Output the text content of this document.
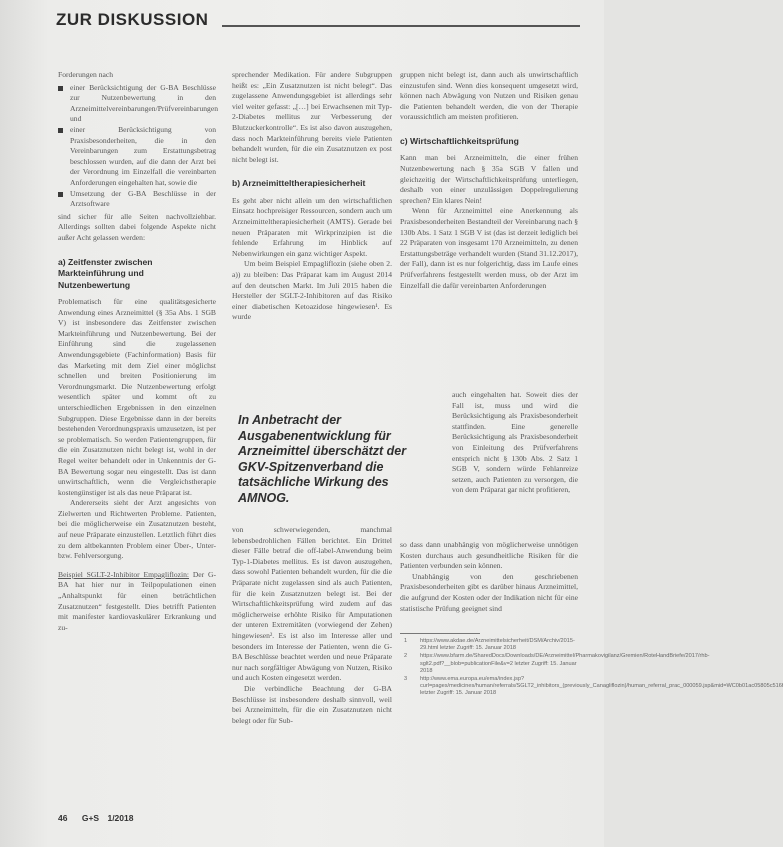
ZUR DISKUSSION

Forderungen nach

einer Berücksichtigung der G-BA Beschlüsse zur Nutzenbewertung in den Arzneimittelvereinbarungen/Prüfvereinbarungen und
einer Berücksichtigung von Praxisbesonderheiten, die in den Vereinbarungen zum Erstattungsbetrag beschlossen wurden, auf die dann der Arzt bei der Verordnung im Einzelfall die vereinbarten Anforderungen eingehalten hat, sowie die
Umsetzung der G-BA Beschlüsse in der Arztsoftware

sind sicher für alle Seiten nachvollziehbar. Allerdings sollten dabei folgende Aspekte nicht außer Acht gelassen werden:

a) Zeitfenster zwischen Markteinführung und Nutzenbewertung

Problematisch für eine qualitätsgesicherte Anwendung eines Arzneimittel (§ 35a Abs. 1 SGB V) ist insbesondere das Zeitfenster zwischen Markteinführung und Nutzenbewertung. Bei der Einführung sind die zugelassenen Anwendungsgebiete (Fachinformation) Basis für das Marketing mit dem Ziel einer möglichst schnellen und breiten Positionierung im Verordnungsmarkt. Die Nutzenbewertung erfolgt wesentlich später und kommt oft zu unterschiedlichen Ergebnissen in den einzelnen Subgruppen. Diese Ergebnisse dann in der bereits bestehenden Verordnungspraxis umzusetzen, ist per se problematisch. So werden Patientengruppen, für die ein Zusatznutzen nicht belegt ist, wohl in der Regel weiter behandelt oder in Unkenntnis der G-BA Bewertung sogar neu eingestellt. Das ist dann unwirtschaftlich, wenn die Vergleichstherapie kostengünstiger ist als das neue Präparat ist.

Andererseits sieht der Arzt angesichts von Zielwerten und Richtwerten Probleme. Patienten, bei die möglicherweise ein Zusatznutzen besteht, auf neue Präparate einzustellen. Letztlich führt dies zu dem altbekannten Problem einer Über-, Unter- bzw. Fehlversorgung.

Beispiel SGLT-2-Inhibitor Empagliflozin: Der G-BA hat hier nur in Teilpopulationen einen „Anhaltspunkt für einen beträchtlichen Zusatznutzen“ festgestellt. Dies betrifft Patienten mit manifester kardiovaskulärer Erkrankung und zu-

sprechender Medikation. Für andere Subgruppen heißt es: „Ein Zusatznutzen ist nicht belegt“. Das zugelassene Anwendungsgebiet ist allerdings sehr viel weiter gefasst: „[…] bei Erwachsenen mit Typ-2-Diabetes mellitus zur Verbesserung der Blutzuckerkontrolle“. Es ist also davon auszugehen, dass noch Markteinführung bereits viele Patienten behandelt wurden, für die ein Zusatznutzen ex post nicht belegt ist.

b) Arzneimitteltherapiesicherheit

Es geht aber nicht allein um den wirtschaftlichen Einsatz hochpreisiger Ressourcen, sondern auch um Arzneimitteltherapiesicherheit (AMTS). Gerade bei neuen Präparaten mit Wirkprinzipien ist die fehlende Erfahrung im Hinblick auf Nebenwirkungen ein ganz wichtiger Aspekt.

Um beim Beispiel Empagliflozin (siehe oben 2. a)) zu bleiben: Das Präparat kam im August 2014 auf den deutschen Markt. Im Juli 2015 haben die Hersteller der SGLT-2-Inhibitoren auf das Risiko einer diabetischen Ketoazidose hingewiesen¹. Es wurde

In Anbetracht der Ausgabenentwicklung für Arzneimittel überschätzt der GKV-Spitzenverband die tatsächliche Wirkung des AMNOG.

von schwerwiegenden, manchmal lebensbedrohlichen Fällen berichtet. Ein Drittel dieser Fälle betraf die off-label-Anwendung beim Typ-1-Diabetes mellitus. Es ist davon auszugehen, dass sowohl Patienten behandelt wurden, für die die Präparate nicht zugelassen sind als auch Patienten, für die kein Zusatznutzen belegt ist. Bei der Wirtschaftlichkeitsprüfung wird zudem auf das möglicherweise erhöhte Risiko für Amputationen der unteren Extremitäten (vorwiegend der Zehen) hingewiesen². Es ist also im Interesse aller und besonders im Interesse der Patienten, wenn die G-BA Beschlüsse beachtet werden und neue Präparate nur nach sorgfältiger Abwägung von Nutzen, Risiko und auch Kosten eingesetzt werden.

Die verbindliche Beachtung der G-BA Beschlüsse ist insbesondere deshalb sinnvoll, weil bei Arzneimitteln, für die ein Zusatznutzen nicht belegt oder für Sub-

gruppen nicht belegt ist, dann auch als unwirtschaftlich einzustufen sind. Wenn dies konsequent umgesetzt wird, können nach Abwägung von Nutzen und Risiken genau die Patienten behandelt werden, die von der Therapie voraussichtlich am meisten profitieren.

c) Wirtschaftlichkeitsprüfung

Kann man bei Arzneimitteln, die einer frühen Nutzenbewertung nach § 35a SGB V fallen und gleichzeitig der Wirtschaftlichkeitsprüfung unterliegen, deshalb von einer unzulässigen Doppelregulierung sprechen? Ein klares Nein!

Wenn für Arzneimittel eine Anerkennung als Praxisbesonderheiten Bestandteil der Vereinbarung nach § 130b Abs. 1 Satz 1 SGB V ist (das ist derzeit lediglich bei 22 Präparaten von insgesamt 170 Arzneimitteln, zu denen Erstattungsbeträge verhandelt wurden (Stand 31.12.2017), der Fall), dann ist es nur folgerichtig, dass im Laufe eines Prüfverfahrens festgestellt werden muss, ob der Arzt im Einzelfall die dafür vereinbarten Anforderungen

auch eingehalten hat. Soweit dies der Fall ist, muss und wird die Berücksichtigung als Praxisbesonderheit stattfinden. Eine generelle Berücksichtigung als Praxisbesonderheit von Einleitung des Prüfverfahrens entsprich nicht § 130b Abs. 2 Satz 1 SGB V, sondern würde Fehlanreize setzen, auch Patienten zu versorgen, die von dem Präparat gar nicht profitieren,

so dass dann unabhängig von möglicherweise unnötigen Kosten durchaus auch gesundheitliche Risiken für die Patienten verbunden sein können.

Unabhängig von den geschriebenen Praxisbesonderheiten gibt es darüber hinaus Arzneimittel, die aufgrund der Kosten oder der Indikation nicht für eine statistische Prüfung geeignet sind

1 https://www.akdae.de/Arzneimittelsicherheit/DSM/Archiv/2015-29.html letzter Zugriff: 15. Januar 2018
2 https://www.bfarm.de/SharedDocs/Downloads/DE/Arzneimittel/Pharmakovigilanz/Gremien/RoteHandBriefe/2017/rhb-sglt2.pdf?__blob=publicationFile&v=2 letzter Zugriff: 15. Januar 2018
3 http://www.ema.europa.eu/ema/index.jsp?curl=pages/medicines/human/referrals/SGLT2_inhibitors_(previously_Canagliflozin)/human_referral_prac_000059.jsp&mid=WC0b01ac05805c516f letzter Zugriff: 15. Januar 2018
46 G+S 1/2018
